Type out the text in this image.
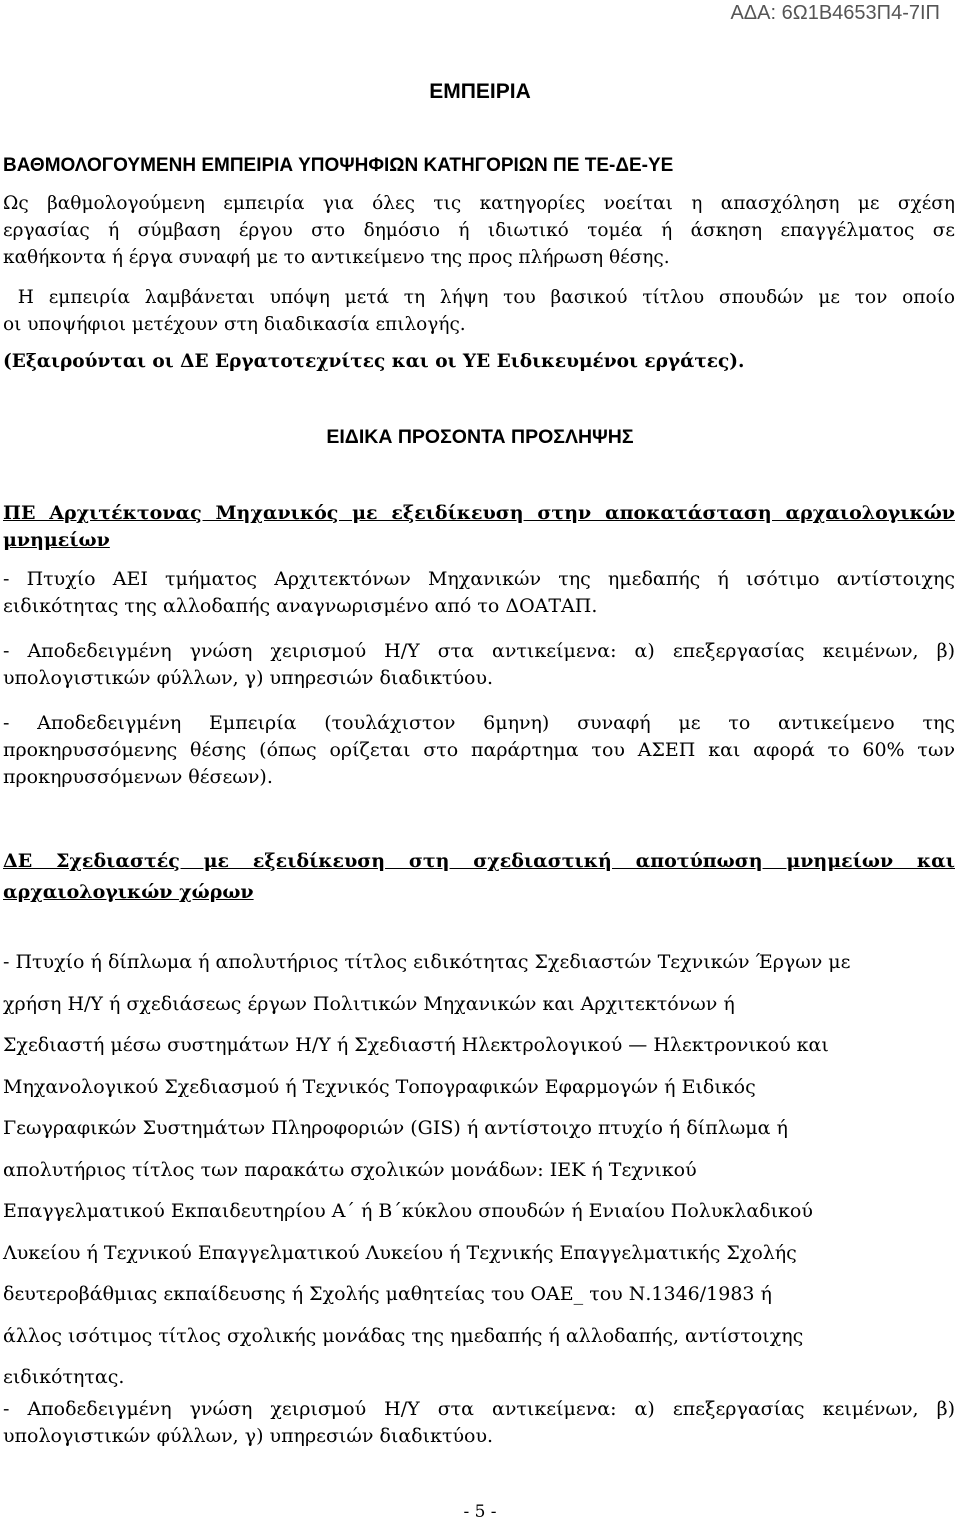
ΑΔΑ: 6Ω1Β4653Π4-7ΙΠ
ΕΜΠΕΙΡΙΑ
ΒΑΘΜΟΛΟΓΟΥΜΕΝΗ ΕΜΠΕΙΡΙΑ ΥΠΟΨΗΦΙΩΝ ΚΑΤΗΓΟΡΙΩΝ ΠΕ ΤΕ-ΔΕ-ΥΕ
Ως βαθμολογούμενη εμπειρία για όλες τις κατηγορίες νοείται η απασχόληση με σχέση
εργασίας ή σύμβαση έργου στο δημόσιο ή ιδιωτικό τομέα ή άσκηση επαγγέλματος σε
καθήκοντα ή έργα συναφή με το αντικείμενο της προς πλήρωση θέσης.
Η εμπειρία λαμβάνεται υπόψη μετά τη λήψη του βασικού τίτλου σπουδών με τον οποίο
οι υποψήφιοι μετέχουν στη διαδικασία επιλογής.
(Εξαιρούνται οι ΔΕ Εργατοτεχνίτες και οι ΥΕ Ειδικευμένοι εργάτες).
ΕΙΔΙΚΑ ΠΡΟΣΟΝΤΑ ΠΡΟΣΛΗΨΗΣ
ΠΕ Αρχιτέκτονας Μηχανικός με εξειδίκευση στην αποκατάσταση αρχαιολογικών
μνημείων
- Πτυχίο ΑΕΙ τμήματος Αρχιτεκτόνων Μηχανικών της ημεδαπής ή ισότιμο αντίστοιχης
ειδικότητας της αλλοδαπής αναγνωρισμένο από το ΔΟΑΤΑΠ.
- Αποδεδειγμένη γνώση χειρισμού Η/Υ στα αντικείμενα: α) επεξεργασίας κειμένων, β)
υπολογιστικών φύλλων, γ) υπηρεσιών διαδικτύου.
- Αποδεδειγμένη Εμπειρία (τουλάχιστον 6μηνη) συναφή με το αντικείμενο της
προκηρυσσόμενης θέσης (όπως ορίζεται στο παράρτημα του ΑΣΕΠ και αφορά το 60% των
προκηρυσσόμενων θέσεων).
ΔΕ Σχεδιαστές με εξειδίκευση στη σχεδιαστική αποτύπωση μνημείων και
αρχαιολογικών χώρων
- Πτυχίο ή δίπλωμα ή απολυτήριος τίτλος ειδικότητας Σχεδιαστών Τεχνικών Έργων με
χρήση Η/Υ ή σχεδιάσεως έργων Πολιτικών Μηχανικών και Αρχιτεκτόνων ή
Σχεδιαστή μέσω συστημάτων Η/Υ ή Σχεδιαστή Ηλεκτρολογικού — Ηλεκτρονικού και
Μηχανολογικού Σχεδιασμού ή Τεχνικός Τοπογραφικών Εφαρμογών ή Ειδικός
Γεωγραφικών Συστημάτων Πληροφοριών (GIS) ή αντίστοιχο πτυχίο ή δίπλωμα ή
απολυτήριος τίτλος των παρακάτω σχολικών μονάδων: ΙΕΚ ή Τεχνικού
Επαγγελματικού Εκπαιδευτηρίου Α΄ ή Β΄κύκλου σπουδών ή Ενιαίου Πολυκλαδικού
Λυκείου ή Τεχνικού Επαγγελματικού Λυκείου ή Τεχνικής Επαγγελματικής Σχολής
δευτεροβάθμιας εκπαίδευσης ή Σχολής μαθητείας του ΟΑΕ_ του Ν.1346/1983 ή
άλλος ισότιμος τίτλος σχολικής μονάδας της ημεδαπής ή αλλοδαπής, αντίστοιχης
ειδικότητας.
- Αποδεδειγμένη γνώση χειρισμού Η/Υ στα αντικείμενα: α) επεξεργασίας κειμένων, β)
υπολογιστικών φύλλων, γ) υπηρεσιών διαδικτύου.
- 5 -
